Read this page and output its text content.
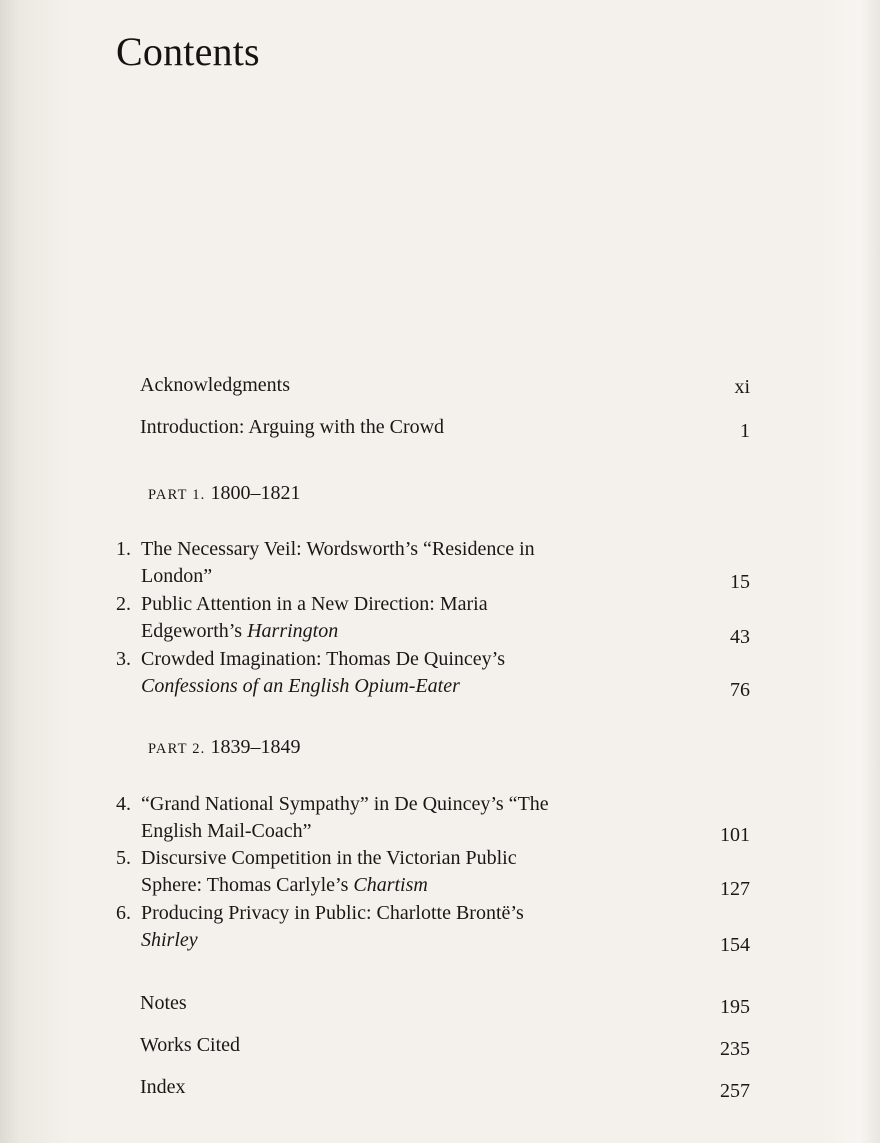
Contents
Acknowledgments	xi
Introduction: Arguing with the Crowd	1
PART 1. 1800–1821
1. The Necessary Veil: Wordsworth’s “Residence in
London”	15
2. Public Attention in a New Direction: Maria
Edgeworth’s Harrington	43
3. Crowded Imagination: Thomas De Quincey’s
Confessions of an English Opium-Eater	76
PART 2. 1839–1849
4. “Grand National Sympathy” in De Quincey’s “The
English Mail-Coach”	101
5. Discursive Competition in the Victorian Public
Sphere: Thomas Carlyle’s Chartism	127
6. Producing Privacy in Public: Charlotte Brontë’s
Shirley	154
Notes	195
Works Cited	235
Index	257
